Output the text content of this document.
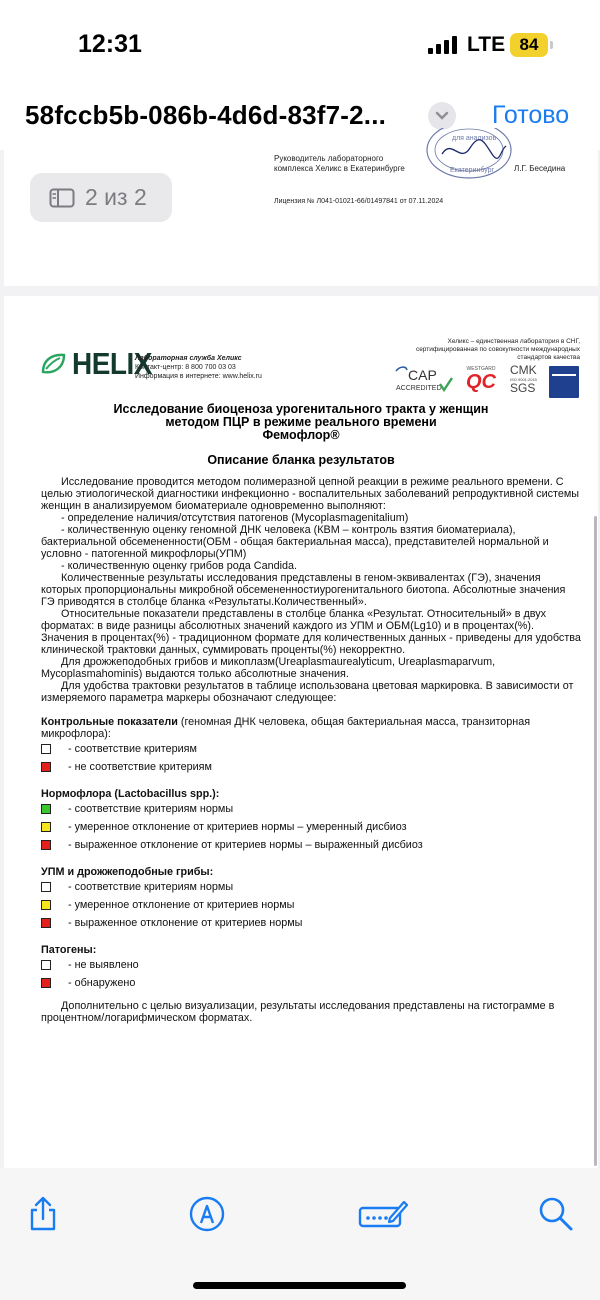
12:31	LTE 84
58fccb5b-086b-4d6d-83f7-2...	Готово
Руководитель лабораторного
комплекса Хеликс в Екатеринбурге
для анализов
Екатеринбург Л.Г. Беседина
Лицензия № Л041-01021-66/01497841 от 07.11.2024
2 из 2
HELIX
Лабораторная служба Хеликс
Контакт-центр: 8 800 700 03 03
Информация в интернете: www.helix.ru
Хеликс – единственная лаборатория в СНГ, сертифицированная по совокупности международных стандартов качества
CAP
ACCREDITED
WESTGARD
QC
CMK
ISO 9001:2015
SGS
Исследование биоценоза урогенитального тракта у женщин
методом ПЦР в режиме реального времени
Фемофлор®
Описание бланка результатов

Исследование проводится методом полимеразной цепной реакции в режиме реального времени. С целью этиологической диагностики инфекционно - воспалительных заболеваний репродуктивной системы женщин в анализируемом биоматериале одновременно выполняют:

- определение наличия/отсутствия патогенов (Mycoplasmagenitalium)

- количественную оценку геномной ДНК человека (КВМ – контроль взятия биоматериала), бактериальной обсемененности(ОБМ - общая бактериальная масса), представителей нормальной и условно - патогенной микрофлоры(УПМ)

- количественную оценку грибов рода Candida.

Количественные результаты исследования представлены в геном-эквивалентах (ГЭ), значения которых пропорциональны микробной обсемененностиурогенитального биотопа. Абсолютные значения ГЭ приводятся в столбце бланка «Результаты.Количественный».

Относительные показатели представлены в столбце бланка «Результат. Относительный» в двух форматах: в виде разницы абсолютных значений каждого из УПМ и ОБМ(Lg10) и в процентах(%). Значения в процентах(%) - традиционном формате для количественных данных - приведены для удобства клинической трактовки данных, суммировать проценты(%) некорректно.

Для дрожжеподобных грибов и микоплазм(Ureaplasmaurealyticum, Ureaplasmaparvum, Mycoplasmahominis) выдаются только абсолютные значения.

Для удобства трактовки результатов в таблице использована цветовая маркировка. В зависимости от измеряемого параметра маркеры обозначают следующее:

Контрольные показатели (геномная ДНК человека, общая бактериальная масса, транзиторная микрофлора):

- соответствие критериям
- не соответствие критериям

Нормофлора (Lactobacillus spp.):

- соответствие критериям нормы
- умеренное отклонение от критериев нормы – умеренный дисбиоз
- выраженное отклонение от критериев нормы – выраженный дисбиоз

УПМ и дрожжеподобные грибы:

- соответствие критериям нормы
- умеренное отклонение от критериев нормы
- выраженное отклонение от критериев нормы

Патогены:

- не выявлено
- обнаружено

Дополнительно с целью визуализации, результаты исследования представлены на гистограмме в процентном/логарифмическом форматах.
